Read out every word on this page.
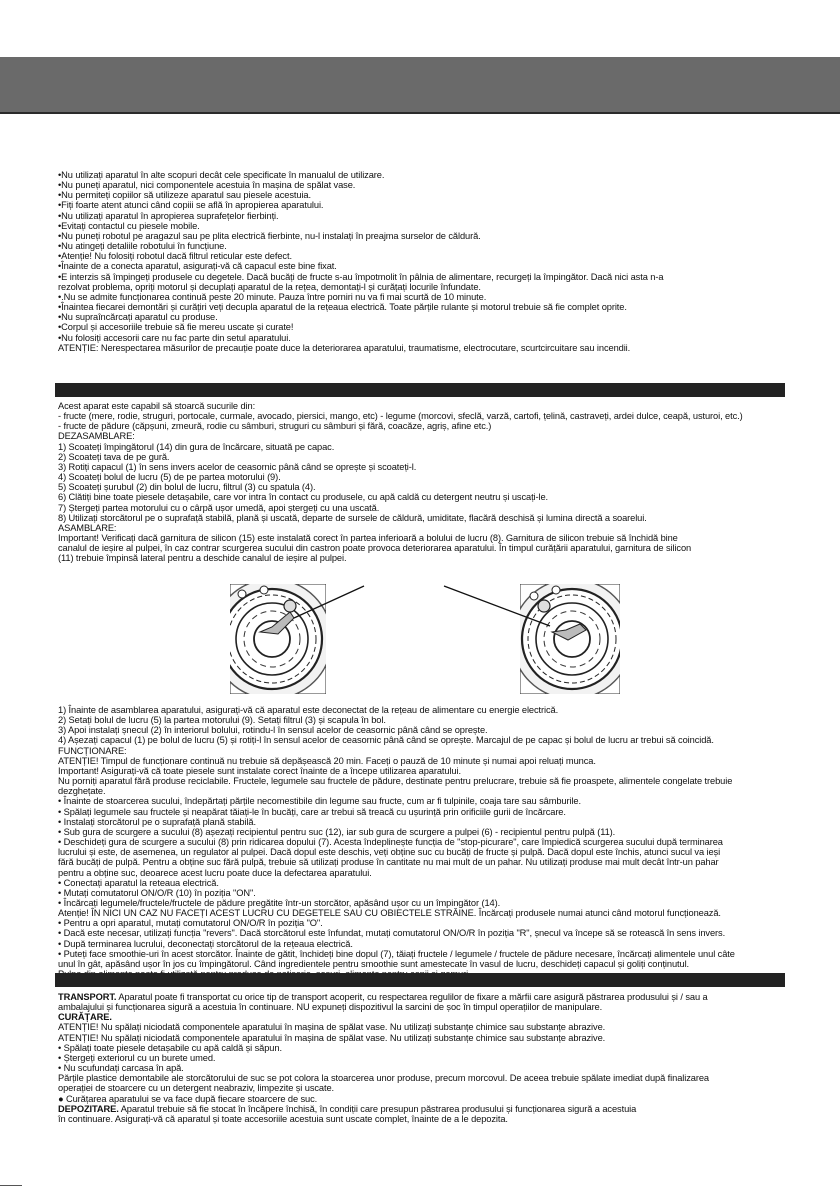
•Nu utilizați aparatul în alte scopuri decât cele specificate în manualul de utilizare.
•Nu puneți aparatul, nici componentele acestuia în mașina de spălat vase.
•Nu permiteți copiilor să utilizeze aparatul sau piesele acestuia.
•Fiți foarte atent atunci când copiii se află în apropierea aparatului.
•Nu utilizați aparatul în apropierea suprafețelor fierbinți.
•Evitați contactul cu piesele mobile.
•Nu puneți robotul pe aragazul sau pe plita electrică fierbinte, nu-l instalați în preajma surselor de căldură.
•Nu atingeți detaliile robotului în funcțiune.
•Atenție! Nu folosiți robotul dacă filtrul reticular este defect.
•Înainte de a conecta aparatul, asigurați-vă că capacul este bine fixat.
•E interzis să împingeți produsele cu degetele. Dacă bucăți de fructe s-au împotmolit în pâlnia de alimentare, recurgeți la împingător. Dacă nici asta n-a
rezolvat problema, opriți motorul și decuplați aparatul de la rețea, demontați-l și curățați locurile înfundate.
•.Nu se admite funcționarea continuă peste 20 minute. Pauza între porniri nu va fi mai scurtă de 10 minute.
•Înaintea fiecarei demontări și curățiri veți decupla aparatul de la rețeaua electrică. Toate părțile rulante și motorul trebuie să fie complet oprite.
•Nu supraîncărcați aparatul cu produse.
•Corpul și accesoriile trebuie să fie mereu uscate și curate!
•Nu folosiți accesorii care nu fac parte din setul aparatului.
ATENȚIE: Nerespectarea măsurilor de precauție poate duce la deteriorarea aparatului, traumatisme, electrocutare, scurtcircuitare sau incendii.
Acest aparat este capabil să stoarcă sucurile din:
- fructe (mere, rodie, struguri, portocale, curmale, avocado, piersici, mango, etc) - legume (morcovi, sfeclă, varză, cartofi, țelină, castraveți, ardei dulce, ceapă, usturoi, etc.)
- fructe de pădure (căpșuni, zmeură, rodie cu sâmburi, struguri cu sâmburi și fără, coacăze, agriș, afine etc.)
DEZASAMBLARE:
1) Scoateți împingătorul (14) din gura de încărcare, situată pe capac.
2) Scoateți tava de pe gură.
3) Rotiți capacul (1) în sens invers acelor de ceasornic până când se oprește și scoateți-l.
4) Scoateți bolul de lucru (5) de pe partea motorului (9).
5) Scoateți șurubul (2) din bolul de lucru, filtrul (3) cu spatula (4).
6) Clătiți bine toate piesele detașabile, care vor intra în contact cu produsele, cu apă caldă cu detergent neutru și uscați-le.
7) Ștergeți partea motorului cu o cârpă ușor umedă, apoi ștergeți cu una uscată.
8) Utilizați storcătorul pe o suprafață stabilă, plană și uscată, departe de sursele de căldură, umiditate, flacără deschisă și lumina directă a soarelui.
ASAMBLARE:
Important! Verificați dacă garnitura de silicon (15) este instalată corect în partea inferioară a bolului de lucru (8). Garnitura de silicon trebuie să închidă bine
canalul de ieșire al pulpei, în caz contrar scurgerea sucului din castron poate provoca deteriorarea aparatului. În timpul curățării aparatului, garnitura de silicon
(11) trebuie împinsă lateral pentru a deschide canalul de ieșire al pulpei.
1) Înainte de asamblarea aparatului, asigurați-vă că aparatul este deconectat de la rețeau de alimentare cu energie electrică.
2) Setați bolul de lucru (5) la partea motorului (9). Setați filtrul (3) și scapula în bol.
3) Apoi instalați șnecul (2) în interiorul bolului, rotindu-l în sensul acelor de ceasornic până când se oprește.
4) Așezați capacul (1) pe bolul de lucru (5) și rotiți-l în sensul acelor de ceasornic până când se oprește. Marcajul de pe capac și bolul de lucru ar trebui să coincidă.
FUNCȚIONARE:
ATENȚIE! Timpul de funcționare continuă nu trebuie să depășească 20 min. Faceți o pauză de 10 minute și numai apoi reluați munca.
Important! Asigurați-vă că toate piesele sunt instalate corect înainte de a începe utilizarea aparatului.
Nu porniți aparatul fără produse reciclabile. Fructele, legumele sau fructele de pădure, destinate pentru prelucrare, trebuie să fie proaspete, alimentele congelate trebuie
dezghețate.
• Înainte de stoarcerea sucului, îndepărtați părțile necomestibile din legume sau fructe, cum ar fi tulpinile, coaja tare sau sâmburile.
• Spălați legumele sau fructele și neapărat tăiați-le în bucăți, care ar trebui să treacă cu ușurință prin orificiile gurii de încărcare.
• Instalați storcătorul pe o suprafață plană stabilă.
• Sub gura de scurgere a sucului (8) așezați recipientul pentru suc (12), iar sub gura de scurgere a pulpei (6) - recipientul pentru pulpă (11).
• Deschideți gura de scurgere a sucului (8) prin ridicarea dopului (7). Acesta îndeplinește funcția de "stop-picurare", care împiedică scurgerea sucului după terminarea
lucrului și este, de asemenea, un regulator al pulpei. Dacă dopul este deschis, veți obține suc cu bucăți de fructe și pulpă. Dacă dopul este închis, atunci sucul va ieși
fără bucăți de pulpă. Pentru a obține suc fără pulpă, trebuie să utilizați produse în cantitate nu mai mult de un pahar. Nu utilizați produse mai mult decât într-un pahar
pentru a obține suc, deoarece acest lucru poate duce la defectarea aparatului.
• Conectați aparatul la reteaua electrică.
• Mutați comutatorul ON/O/R (10) în poziția "ON".
• Încărcați legumele/fructele/fructele de pădure pregătite într-un storcător, apăsând ușor cu un împingător (14).
Atenție! ÎN NICI UN CAZ NU FACEȚI ACEST LUCRU CU DEGETELE SAU CU OBIECTELE STRĂINE. Încărcați produsele numai atunci când motorul funcționează.
• Pentru a opri aparatul, mutați comutatorul ON/O/R în poziția "O".
• Dacă este necesar, utilizați funcția "revers". Dacă storcătorul este înfundat, mutați comutatorul ON/O/R în poziția "R", șnecul va începe să se rotească în sens invers.
• După terminarea lucrului, deconectați storcătorul de la rețeaua electrică.
• Puteți face smoothie-uri în acest storcător. Înainte de gătit, închideți bine dopul (7), tăiați fructele / legumele / fructele de pădure necesare, încărcați alimentele unul câte
unul în gât, apăsând ușor în jos cu împingătorul. Când ingredientele pentru smoothie sunt amestecate în vasul de lucru, deschideți capacul și goliți conținutul.
TRANSPORT. Aparatul poate fi transportat cu orice tip de transport acoperit, cu respectarea regulilor de fixare a mărfii care asigură păstrarea produsului și / sau a
ambalajului și funcționarea sigură a acestuia în continuare. NU expuneți dispozitivul la sarcini de șoc în timpul operațiilor de manipulare.
CURĂȚARE.
ATENȚIE! Nu spălați niciodată componentele aparatului în mașina de spălat vase. Nu utilizați substanțe chimice sau substanțe abrazive.
ATENȚIE! Nu spălați niciodată componentele aparatului în mașina de spălat vase. Nu utilizați substanțe chimice sau substanțe abrazive.
• Spălați toate piesele detașabile cu apă caldă și săpun.
• Ștergeți exteriorul cu un burete umed.
• Nu scufundați carcasa în apă.
Părțile plastice demontabile ale storcătorului de suc se pot colora la stoarcerea unor produse, precum morcovul. De aceea trebuie spălate imediat după finalizarea
operației de stoarcere cu un detergent neabraziv, limpezite și uscate.
● Curățarea aparatului se va face după fiecare stoarcere de suc.
DEPOZITARE. Aparatul trebuie să fie stocat în încăpere închisă, în condiții care presupun păstrarea produsului și funcționarea sigură a acestuia
în continuare. Asigurați-vă că aparatul și toate accesoriile acestuia sunt uscate complet, înainte de a le depozita.
